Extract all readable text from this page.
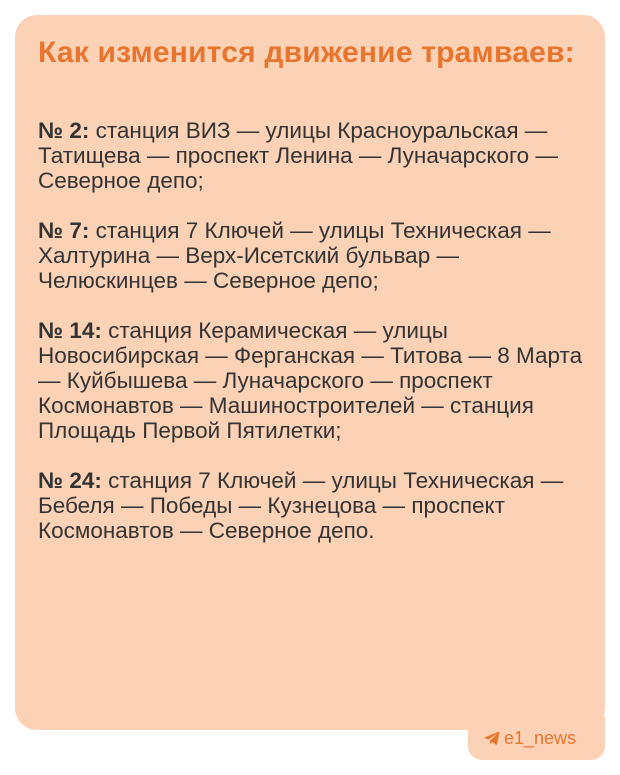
Как изменится движение трамваев:
№ 2: станция ВИЗ — улицы Красноуральская — Татищева — проспект Ленина — Луначарского — Северное депо;
№ 7: станция 7 Ключей — улицы Техническая — Халтурина — Верх-Исетский бульвар — Челюскинцев — Северное депо;
№ 14: станция Керамическая — улицы Новосибирская — Ферганская — Титова — 8 Марта — Куйбышева — Луначарского — проспект Космонавтов — Машиностроителей — станция Площадь Первой Пятилетки;
№ 24: станция 7 Ключей — улицы Техническая — Бебеля — Победы — Кузнецова — проспект Космонавтов — Северное депо.
e1_news
